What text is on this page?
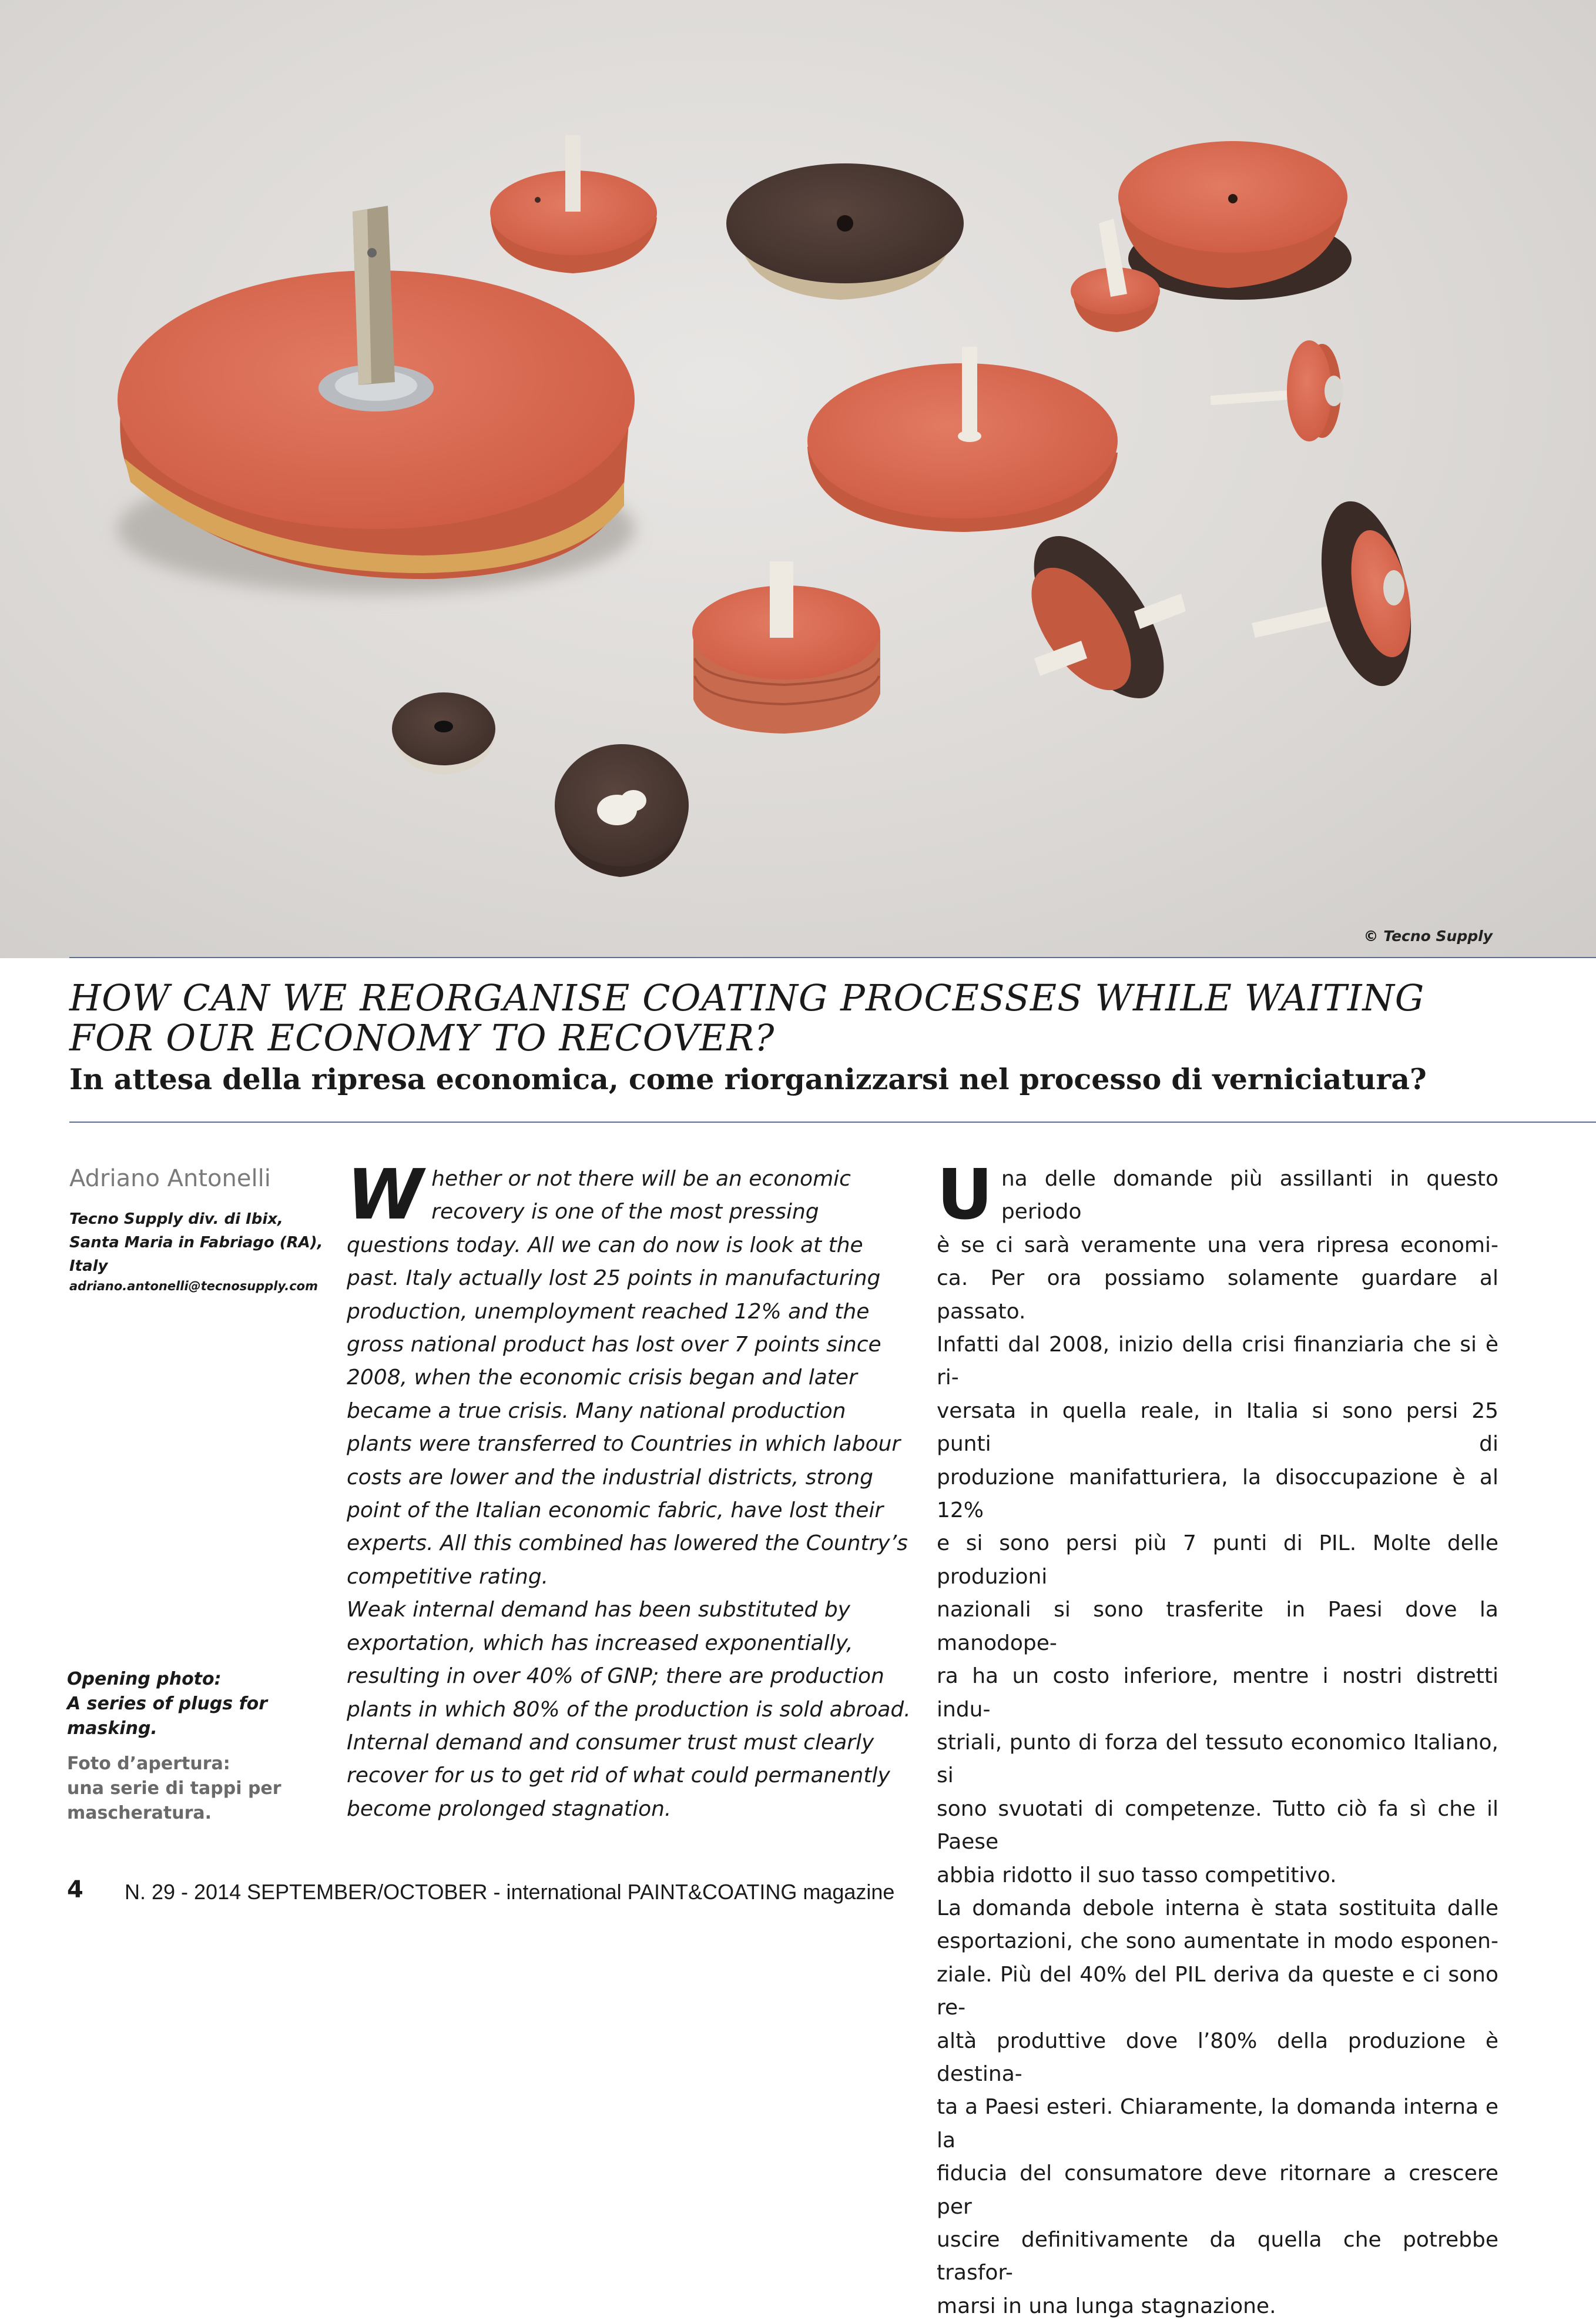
© Tecno Supply
HOW CAN WE REORGANISE COATING PROCESSES WHILE WAITING
FOR OUR ECONOMY TO RECOVER?
In attesa della ripresa economica, come riorganizzarsi nel processo di verniciatura?
Adriano Antonelli
Tecno Supply div. di Ibix,
Santa Maria in Fabriago (RA),
Italy
adriano.antonelli@tecnosupply.com
Opening photo:
A series of plugs for
masking.
Foto d’apertura:
una serie di tappi per
mascheratura.
W hether or not there will be an economic
recovery is one of the most pressing
questions today. All we can do now is look at the
past. Italy actually lost 25 points in manufacturing
production, unemployment reached 12% and the
gross national product has lost over 7 points since
2008, when the economic crisis began and later
became a true crisis. Many national production
plants were transferred to Countries in which labour
costs are lower and the industrial districts, strong
point of the Italian economic fabric, have lost their
experts. All this combined has lowered the Country’s
competitive rating.
Weak internal demand has been substituted by
exportation, which has increased exponentially,
resulting in over 40% of GNP; there are production
plants in which 80% of the production is sold abroad.
Internal demand and consumer trust must clearly
recover for us to get rid of what could permanently
become prolonged stagnation.
U na delle domande più assillanti in questo periodo
è se ci sarà veramente una vera ripresa economi-
ca. Per ora possiamo solamente guardare al passato.
Infatti dal 2008, inizio della crisi finanziaria che si è ri-
versata in quella reale, in Italia si sono persi 25 punti di
produzione manifatturiera, la disoccupazione è al 12%
e si sono persi più 7 punti di PIL. Molte delle produzioni
nazionali si sono trasferite in Paesi dove la manodope-
ra ha un costo inferiore, mentre i nostri distretti indu-
striali, punto di forza del tessuto economico Italiano, si
sono svuotati di competenze. Tutto ciò fa sì che il Paese
abbia ridotto il suo tasso competitivo.
La domanda debole interna è stata sostituita dalle
esportazioni, che sono aumentate in modo esponen-
ziale. Più del 40% del PIL deriva da queste e ci sono re-
altà produttive dove l’80% della produzione è destina-
ta a Paesi esteri. Chiaramente, la domanda interna e la
fiducia del consumatore deve ritornare a crescere per
uscire definitivamente da quella che potrebbe trasfor-
marsi in una lunga stagnazione.
4 N. 29 - 2014 SEPTEMBER/OCTOBER - international PAINT&COATING magazine
